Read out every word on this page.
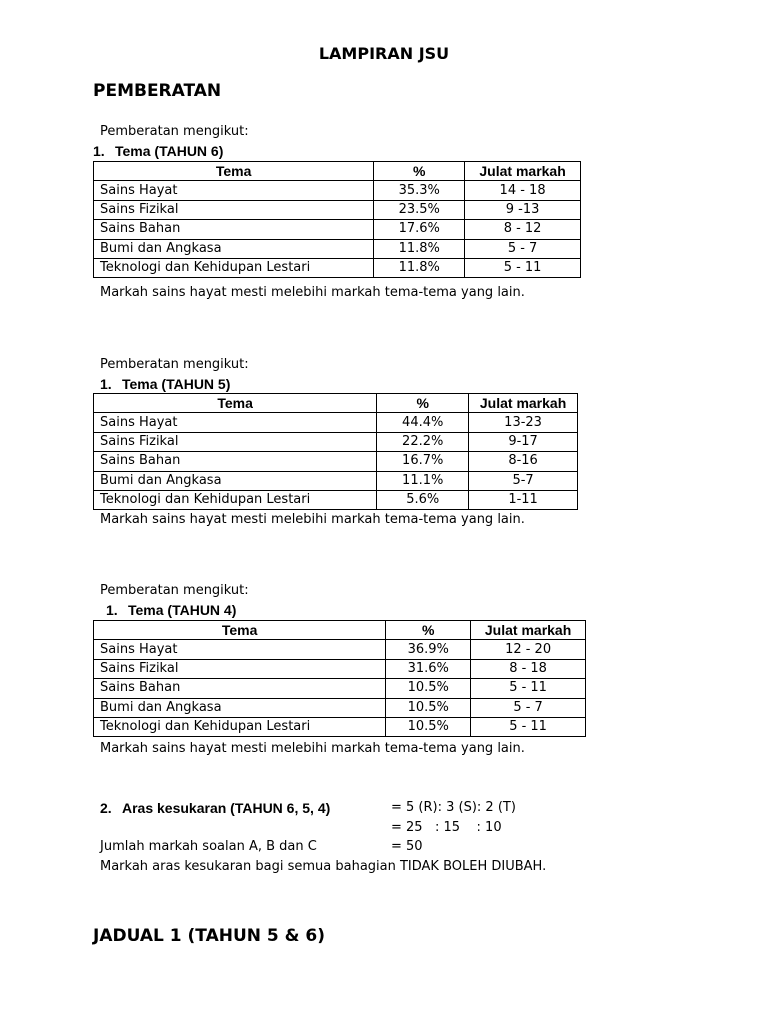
LAMPIRAN JSU
PEMBERATAN
Pemberatan mengikut:
1. Tema (TAHUN 6)
Tema	%	Julat markah
Sains Hayat	35.3%	14 - 18
Sains Fizikal	23.5%	9 -13
Sains Bahan	17.6%	8 - 12
Bumi dan Angkasa	11.8%	5 - 7
Teknologi dan Kehidupan Lestari	11.8%	5 - 11
Markah sains hayat mesti melebihi markah tema-tema yang lain.
Pemberatan mengikut:
1. Tema (TAHUN 5)
Tema	%	Julat markah
Sains Hayat	44.4%	13-23
Sains Fizikal	22.2%	9-17
Sains Bahan	16.7%	8-16
Bumi dan Angkasa	11.1%	5-7
Teknologi dan Kehidupan Lestari	5.6%	1-11
Markah sains hayat mesti melebihi markah tema-tema yang lain.
Pemberatan mengikut:
1. Tema (TAHUN 4)
Tema	%	Julat markah
Sains Hayat	36.9%	12 - 20
Sains Fizikal	31.6%	8 - 18
Sains Bahan	10.5%	5 - 11
Bumi dan Angkasa	10.5%	5 - 7
Teknologi dan Kehidupan Lestari	10.5%	5 - 11
Markah sains hayat mesti melebihi markah tema-tema yang lain.
2. Aras kesukaran (TAHUN 6, 5, 4)	= 5 (R): 3 (S): 2 (T)
= 25   : 15    : 10
Jumlah markah soalan A, B dan C	= 50
Markah aras kesukaran bagi semua bahagian TIDAK BOLEH DIUBAH.
JADUAL 1 (TAHUN 5 & 6)
